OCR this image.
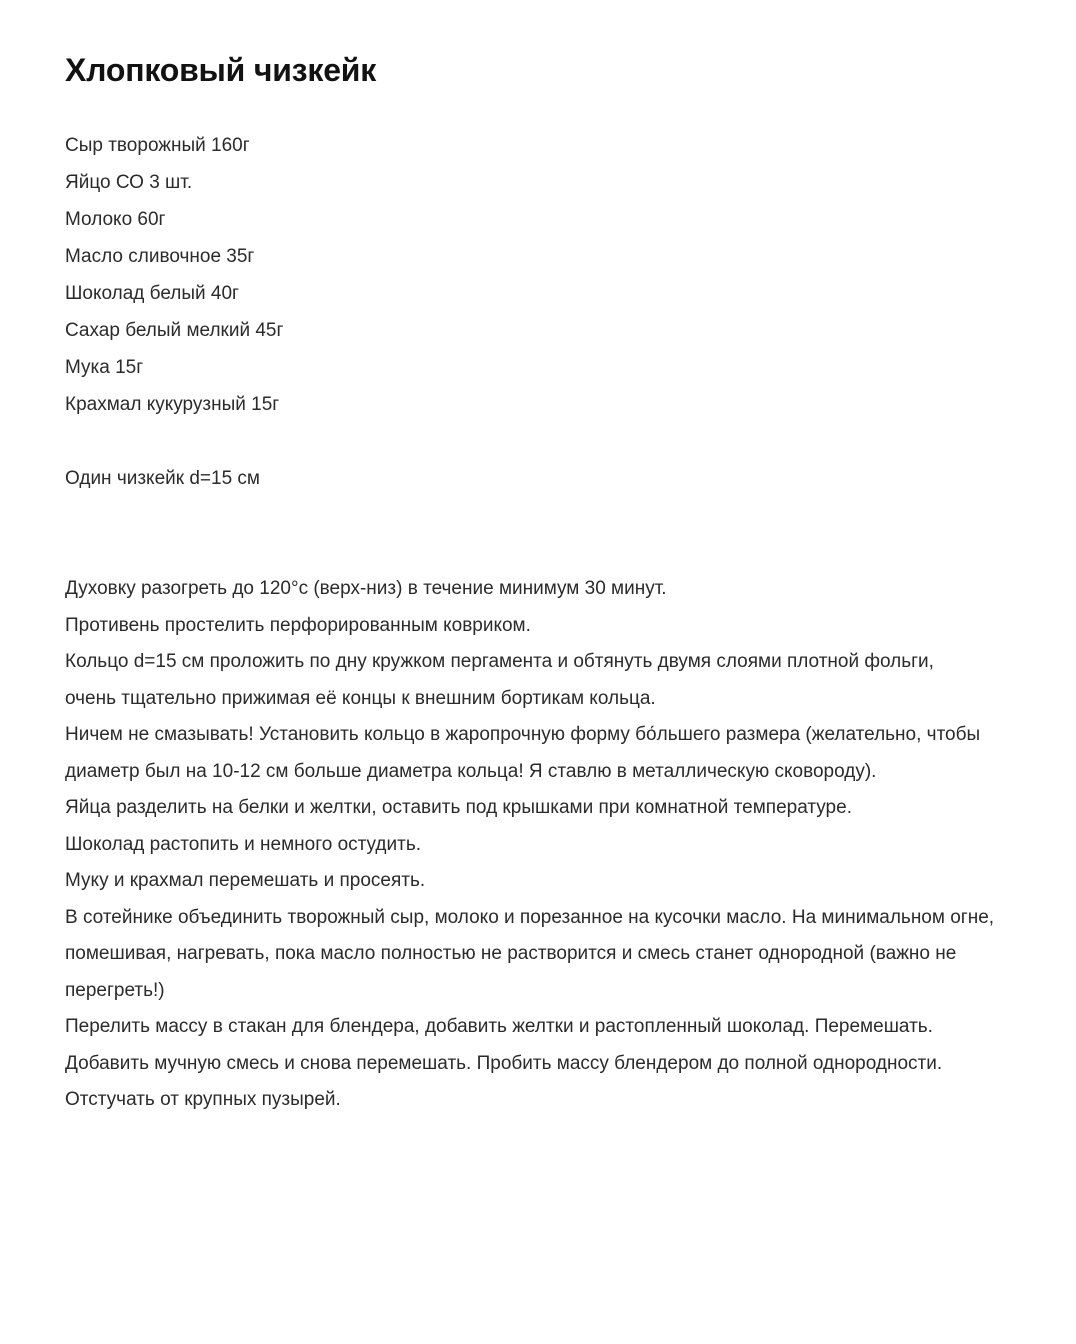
Хлопковый чизкейк
Сыр творожный 160г
Яйцо СО 3 шт.
Молоко 60г
Масло сливочное 35г
Шоколад белый 40г
Сахар белый мелкий 45г
Мука 15г
Крахмал кукурузный 15г
Один чизкейк d=15 см

Духовку разогреть до 120°c (верх-низ) в течение минимум 30 минут.

Противень простелить перфорированным ковриком.

Кольцо d=15 см проложить по дну кружком пергамента и обтянуть двумя слоями плотной фольги, очень тщательно прижимая её концы к внешним бортикам кольца.

Ничем не смазывать! Установить кольцо в жаропрочную форму бо́льшего размера (желательно, чтобы диаметр был на 10-12 см больше диаметра кольца! Я ставлю в металлическую сковороду).

Яйца разделить на белки и желтки, оставить под крышками при комнатной температуре.

Шоколад растопить и немного остудить.

Муку и крахмал перемешать и просеять.

В сотейнике объединить творожный сыр, молоко и порезанное на кусочки масло. На минимальном огне, помешивая, нагревать, пока масло полностью не растворится и смесь станет однородной (важно не перегреть!)

Перелить массу в стакан для блендера, добавить желтки и растопленный шоколад. Перемешать. Добавить мучную смесь и снова перемешать. Пробить массу блендером до полной однородности. Отстучать от крупных пузырей.
